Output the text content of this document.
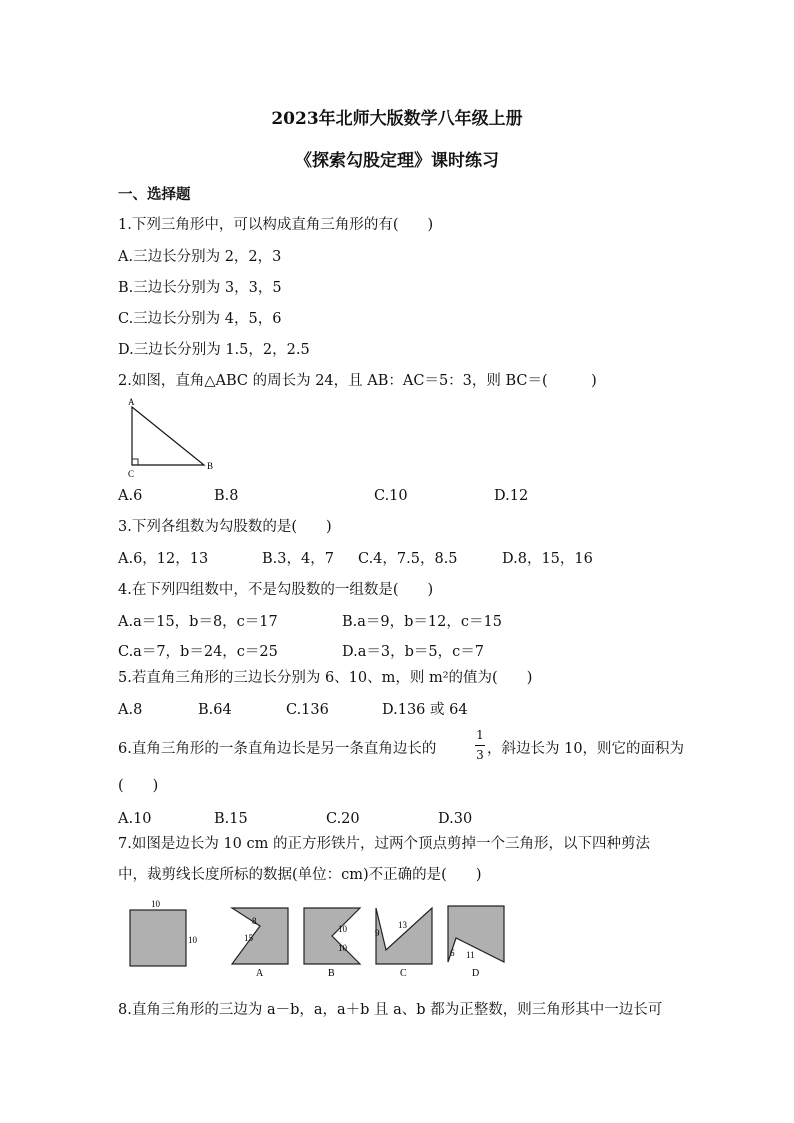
2023年北师大版数学八年级上册
《探索勾股定理》课时练习
一、选择题
1.下列三角形中，可以构成直角三角形的有(　　)
A.三边长分别为 2，2，3
B.三边长分别为 3，3，5
C.三边长分别为 4，5，6
D.三边长分别为 1.5，2，2.5
2.如图，直角△ABC 的周长为 24，且 AB：AC＝5：3，则 BC＝(　　　)
A
C
B
A.6	B.8	C.10	D.12
3.下列各组数为勾股数的是(　　)
A.6，12，13	B.3，4，7 C.4，7.5，8.5	D.8，15，16
4.在下列四组数中，不是勾股数的一组数是(　　)
A.a＝15，b＝8，c＝17	B.a＝9，b＝12，c＝15
C.a＝7，b＝24，c＝25	D.a＝3，b＝5，c＝7
5.若直角三角形的三边长分别为 6、10、m，则 m²的值为(　　)
A.8	B.64	C.136	D.136 或 64
6.直角三角形的一条直角边长是另一条直角边长的
1
3 ，斜边长为 10，则它的面积为
(　　)
A.10	B.15	C.20	D.30
7.如图是边长为 10 cm 的正方形铁片，过两个顶点剪掉一个三角形，以下四种剪法
中，裁剪线长度所标的数据(单位：cm)不正确的是(　　)
10
10
8
15
A
10
10
B
9
13
C
6 11
D
8.直角三角形的三边为 a－b，a，a＋b 且 a、b 都为正整数，则三角形其中一边长可
